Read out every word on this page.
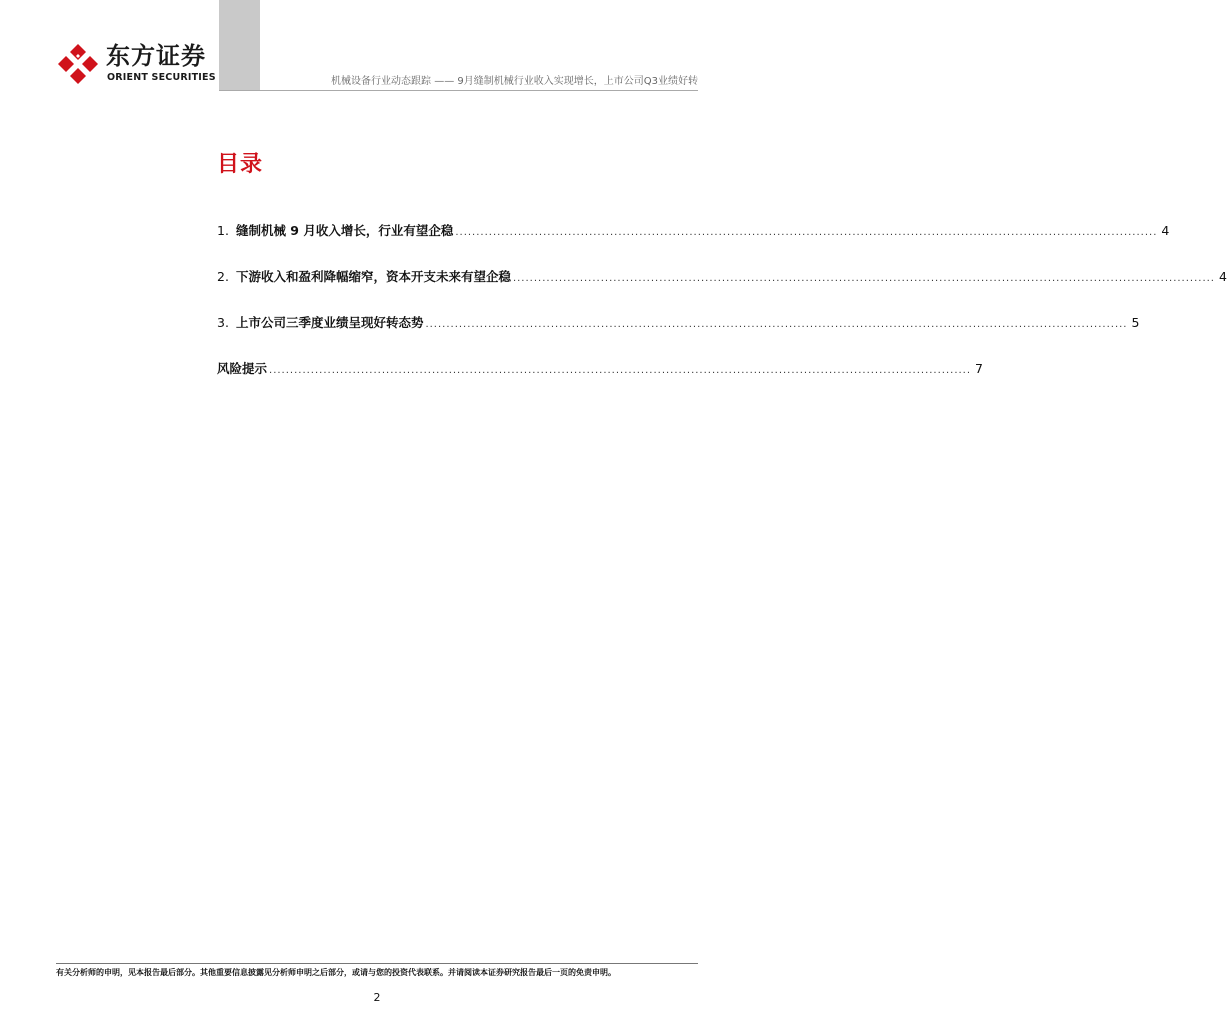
东方证券
ORIENT SECURITIES	机械设备行业动态跟踪 —— 9月缝制机械行业收入实现增长，上市公司Q3业绩好转
目录
1. 缝制机械 9 月收入增长，行业有望企稳 ........................................................................................................................................................................ 4
2. 下游收入和盈利降幅缩窄，资本开支未来有望企稳 ........................................................................................................................................................................ 4
3. 上市公司三季度业绩呈现好转态势 ........................................................................................................................................................................ 5
风险提示 ........................................................................................................................................................................ 7
有关分析师的申明，见本报告最后部分。其他重要信息披露见分析师申明之后部分，或请与您的投资代表联系。并请阅读本证券研究报告最后一页的免责申明。
2
